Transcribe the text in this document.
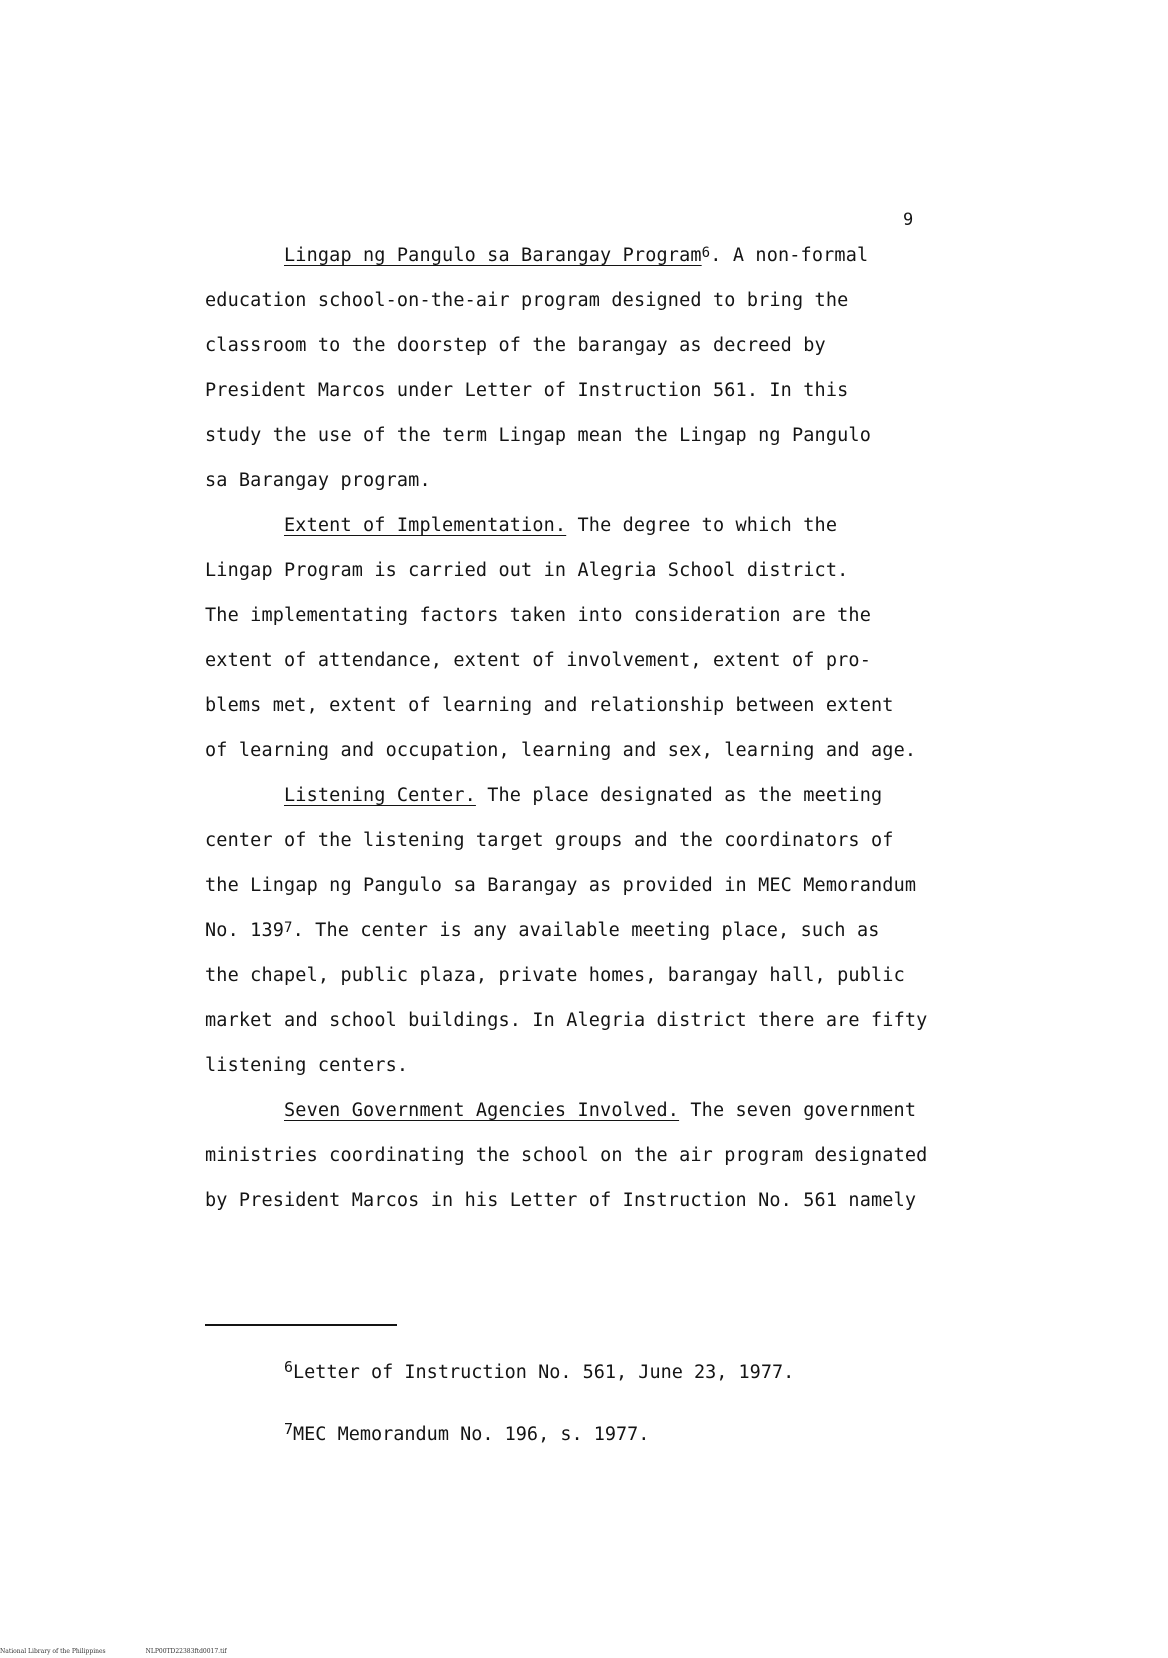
9
Lingap ng Pangulo sa Barangay Program$^6$. A non-formal
education school-on-the-air program designed to bring the
classroom to the doorstep of the barangay as decreed by
President Marcos under Letter of Instruction 561. In this
study the use of the term Lingap mean the Lingap ng Pangulo
sa Barangay program.
Extent of Implementation. The degree to which the
Lingap Program is carried out in Alegria School district.
The implementating factors taken into consideration are the
extent of attendance, extent of involvement, extent of pro-
blems met, extent of learning and relationship between extent
of learning and occupation, learning and sex, learning and age.
Listening Center. The place designated as the meeting
center of the listening target groups and the coordinators of
the Lingap ng Pangulo sa Barangay as provided in MEC Memorandum
No. $139^7$. The center is any available meeting place, such as
the chapel, public plaza, private homes, barangay hall, public
market and school buildings. In Alegria district there are fifty
listening centers.
Seven Government Agencies Involved. The seven government
ministries coordinating the school on the air program designated
by President Marcos in his Letter of Instruction No. 561 namely
$^6$Letter of Instruction No. 561, June 23, 1977.
$^7$MEC Memorandum No. 196, s. 1977.
National Library of the Philippines	NLP00TD22383ftd0017.tif
